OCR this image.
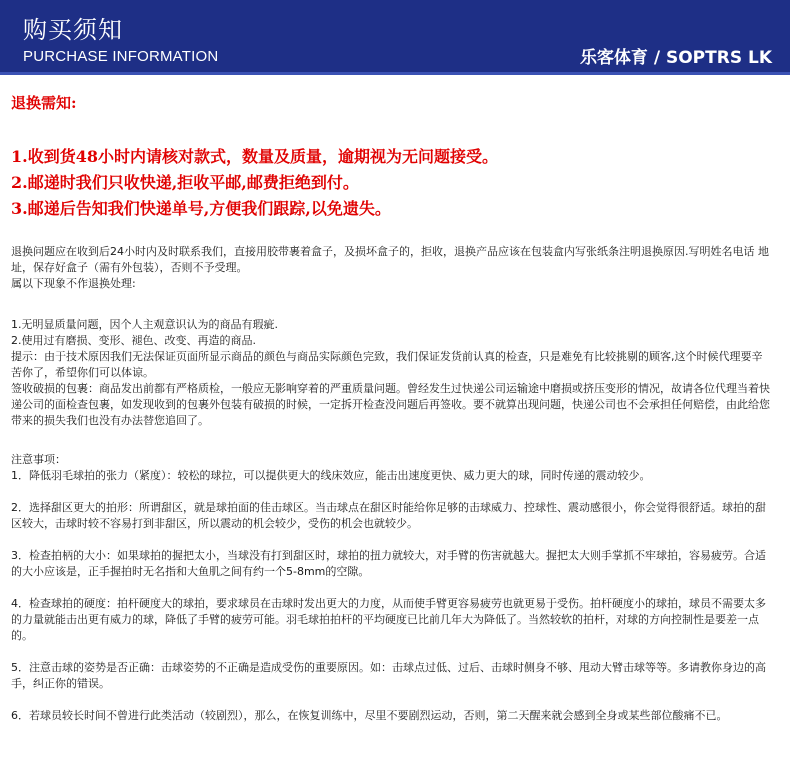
购买须知
PURCHASE INFORMATION	乐客体育 / SOPTRS LK
退换需知:
1.收到货48小时内请核对款式，数量及质量，逾期视为无问题接受。
2.邮递时我们只收快递,拒收平邮,邮费拒绝到付。
3.邮递后告知我们快递单号,方便我们跟踪,以免遗失。

退换问题应在收到后24小时内及时联系我们，直接用胶带裹着盒子，及损坏盒子的，拒收，退换产品应该在包装盒内写张纸条注明退换原因.写明姓名电话 地址，保存好盒子（需有外包装），否则不予受理。

属以下现象不作退换处理:

1.无明显质量问题，因个人主观意识认为的商品有瑕疵.

2.使用过有磨损、变形、褪色、改变、再造的商品.

提示：由于技术原因我们无法保证页面所显示商品的颜色与商品实际颜色完致，我们保证发货前认真的检查，只是难免有比较挑剔的顾客,这个时候代理要辛苦你了，希望你们可以体谅。

签收破损的包裹：商品发出前都有严格质检，一般应无影响穿着的严重质量问题。曾经发生过快递公司运输途中磨损或挤压变形的情况，故请各位代理当着快递公司的面检查包裹，如发现收到的包裹外包装有破损的时候，一定拆开检查没问题后再签收。要不就算出现问题，快递公司也不会承担任何赔偿，由此给您带来的损失我们也没有办法替您追回了。

注意事项：

1．降低羽毛球拍的张力（紧度）：较松的球拉，可以提供更大的线床效应，能击出速度更快、威力更大的球，同时传递的震动较少。

2．选择甜区更大的拍形：所谓甜区，就是球拍面的佳击球区。当击球点在甜区时能给你足够的击球威力、控球性、震动感很小，你会觉得很舒适。球拍的甜区较大，击球时较不容易打到非甜区，所以震动的机会较少，受伤的机会也就较少。

3．检查拍柄的大小：如果球拍的握把太小，当球没有打到甜区时，球拍的扭力就较大，对手臂的伤害就越大。握把太大则手掌抓不牢球拍，容易疲劳。合适的大小应该是，正手握拍时无名指和大鱼肌之间有约一个5-8mm的空隙。

4．检查球拍的硬度：拍杆硬度大的球拍，要求球员在击球时发出更大的力度，从而使手臂更容易疲劳也就更易于受伤。拍杆硬度小的球拍，球员不需要太多的力量就能击出更有威力的球，降低了手臂的疲劳可能。羽毛球拍拍杆的平均硬度已比前几年大为降低了。当然较软的拍杆，对球的方向控制性是要差一点的。

5．注意击球的姿势是否正确：击球姿势的不正确是造成受伤的重要原因。如：击球点过低、过后、击球时侧身不够、甩动大臂击球等等。多请教你身边的高手，纠正你的错误。

6．若球员较长时间不曾进行此类活动（较剧烈），那么，在恢复训练中，尽里不要剧烈运动，否则，第二天醒来就会感到全身或某些部位酸痛不已。
